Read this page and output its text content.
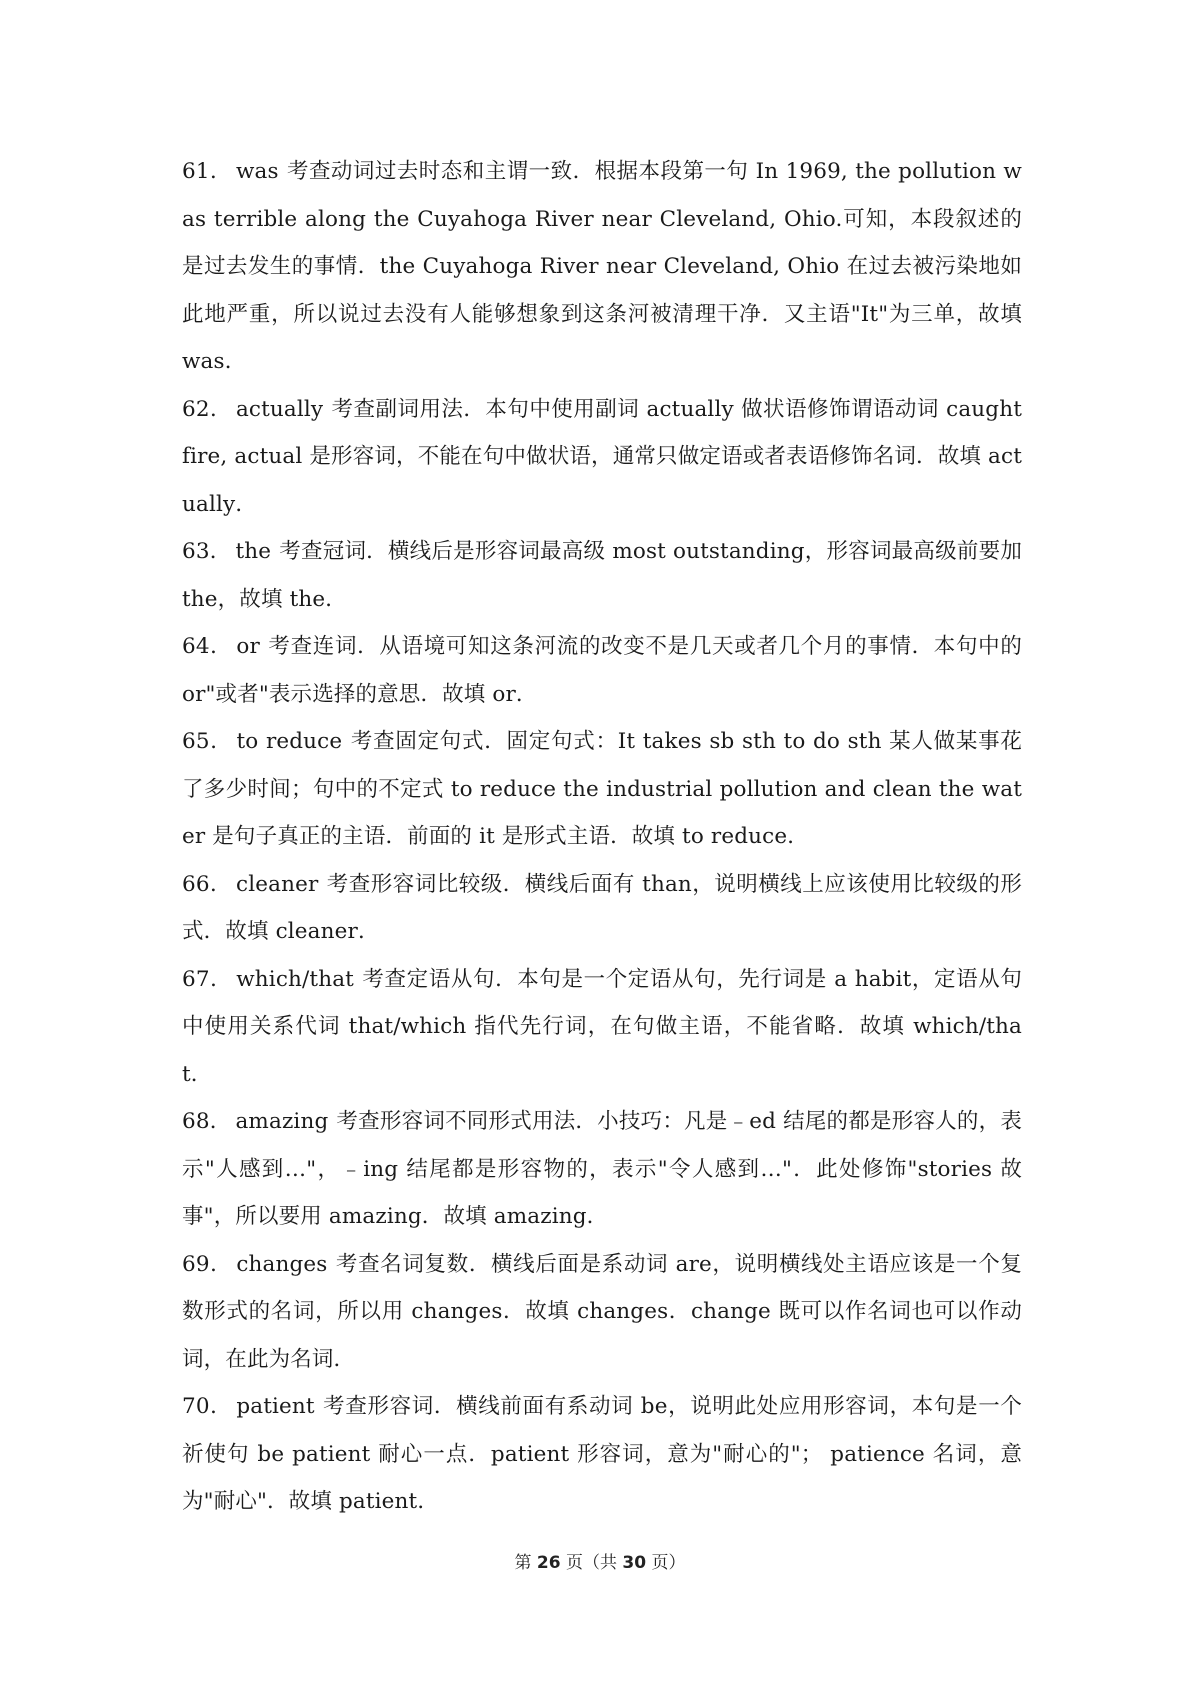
61． was 考查动词过去时态和主谓一致．根据本段第一句 In 1969, the pollution was terrible along the Cuyahoga River near Cleveland, Ohio.可知，本段叙述的是过去发生的事情．the Cuyahoga River near Cleveland, Ohio 在过去被污染地如此地严重，所以说过去没有人能够想象到这条河被清理干净．又主语"It"为三单，故填 was．

62． actually 考查副词用法．本句中使用副词 actually 做状语修饰谓语动词 caught fire, actual 是形容词，不能在句中做状语，通常只做定语或者表语修饰名词．故填 actually．

63． the 考查冠词．横线后是形容词最高级 most outstanding，形容词最高级前要加 the，故填 the．

64． or 考查连词．从语境可知这条河流的改变不是几天或者几个月的事情．本句中的 or"或者"表示选择的意思．故填 or．

65． to reduce 考查固定句式．固定句式：It takes sb sth to do sth 某人做某事花了多少时间；句中的不定式 to reduce the industrial pollution and clean the water 是句子真正的主语．前面的 it 是形式主语．故填 to reduce．

66． cleaner 考查形容词比较级．横线后面有 than，说明横线上应该使用比较级的形式．故填 cleaner．

67． which/that 考查定语从句．本句是一个定语从句，先行词是 a habit，定语从句中使用关系代词 that/which 指代先行词，在句做主语，不能省略．故填 which/that．

68． amazing 考查形容词不同形式用法．小技巧：凡是﹣ed 结尾的都是形容人的，表示"人感到…"，﹣ing 结尾都是形容物的，表示"令人感到…"．此处修饰"stories 故事"，所以要用 amazing．故填 amazing．

69． changes 考查名词复数．横线后面是系动词 are，说明横线处主语应该是一个复数形式的名词，所以用 changes．故填 changes．change 既可以作名词也可以作动词，在此为名词．

70． patient 考查形容词．横线前面有系动词 be，说明此处应用形容词，本句是一个祈使句 be patient 耐心一点．patient 形容词，意为"耐心的"； patience 名词，意为"耐心"．故填 patient．

第 26 页（共 30 页）
